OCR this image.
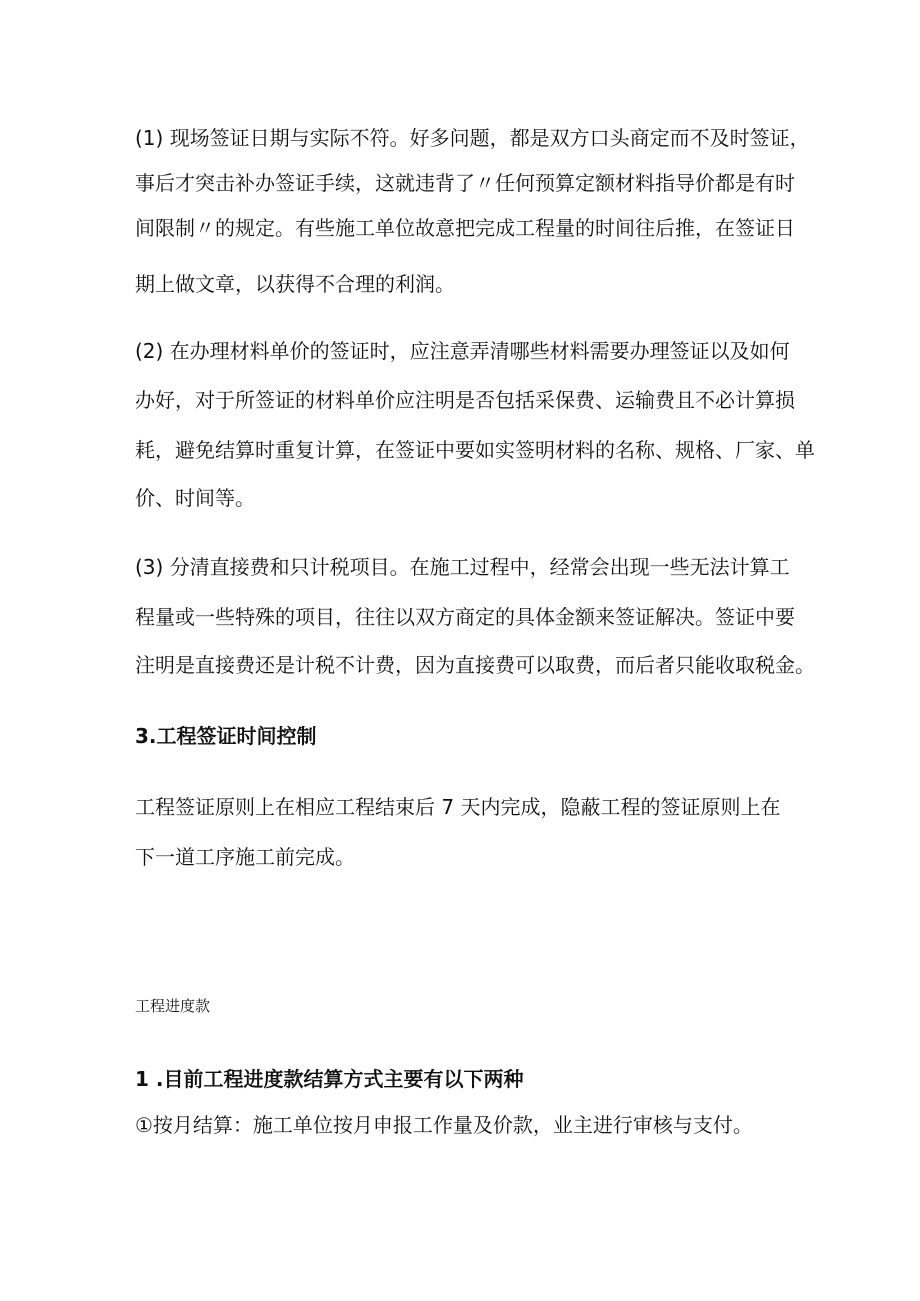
(1) 现场签证日期与实际不符。好多问题，都是双方口头商定而不及时签证，
事后才突击补办签证手续，这就违背了〃任何预算定额材料指导价都是有时
间限制〃的规定。有些施工单位故意把完成工程量的时间往后推，在签证日
期上做文章，以获得不合理的利润。
(2) 在办理材料单价的签证时，应注意弄清哪些材料需要办理签证以及如何
办好，对于所签证的材料单价应注明是否包括采保费、运输费且不必计算损
耗，避免结算时重复计算，在签证中要如实签明材料的名称、规格、厂家、单
价、时间等。
(3) 分清直接费和只计税项目。在施工过程中，经常会出现一些无法计算工
程量或一些特殊的项目，往往以双方商定的具体金额来签证解决。签证中要
注明是直接费还是计税不计费，因为直接费可以取费，而后者只能收取税金。
3.工程签证时间控制
工程签证原则上在相应工程结束后 7 天内完成，隐蔽工程的签证原则上在
下一道工序施工前完成。
工程进度款
1 .目前工程进度款结算方式主要有以下两种
①按月结算：施工单位按月申报工作量及价款，业主进行审核与支付。
